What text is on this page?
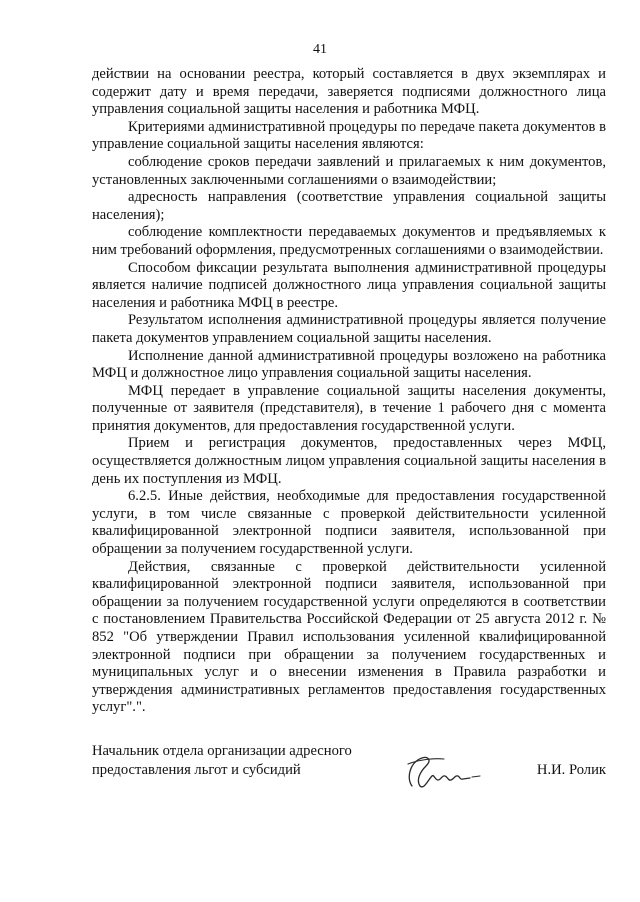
41

действии на основании реестра, который составляется в двух экземплярах и содержит дату и время передачи, заверяется подписями должностного лица управления социальной защиты населения и работника МФЦ.

Критериями административной процедуры по передаче пакета документов в управление социальной защиты населения являются:

соблюдение сроков передачи заявлений и прилагаемых к ним документов, установленных заключенными соглашениями о взаимодействии;

адресность направления (соответствие управления социальной защиты населения);

соблюдение комплектности передаваемых документов и предъявляемых к ним требований оформления, предусмотренных соглашениями о взаимодействии.

Способом фиксации результата выполнения административной процедуры является наличие подписей должностного лица управления социальной защиты населения и работника МФЦ в реестре.

Результатом исполнения административной процедуры является получение пакета документов управлением социальной защиты населения.

Исполнение данной административной процедуры возложено на работника МФЦ и должностное лицо управления социальной защиты населения.

МФЦ передает в управление социальной защиты населения документы, полученные от заявителя (представителя), в течение 1 рабочего дня с момента принятия документов, для предоставления государственной услуги.

Прием и регистрация документов, предоставленных через МФЦ, осуществляется должностным лицом управления социальной защиты населения в день их поступления из МФЦ.

6.2.5. Иные действия, необходимые для предоставления государственной услуги, в том числе связанные с проверкой действительности усиленной квалифицированной электронной подписи заявителя, использованной при обращении за получением государственной услуги.

Действия, связанные с проверкой действительности усиленной квалифицированной электронной подписи заявителя, использованной при обращении за получением государственной услуги определяются в соответствии с постановлением Правительства Российской Федерации от 25 августа 2012 г. № 852 "Об утверждении Правил использования усиленной квалифицированной электронной подписи при обращении за получением государственных и муниципальных услуг и о внесении изменения в Правила разработки и утверждения административных регламентов предоставления государственных услуг".".

Начальник отдела организации адресного
предоставления льгот и субсидий	Н.И. Ролик
